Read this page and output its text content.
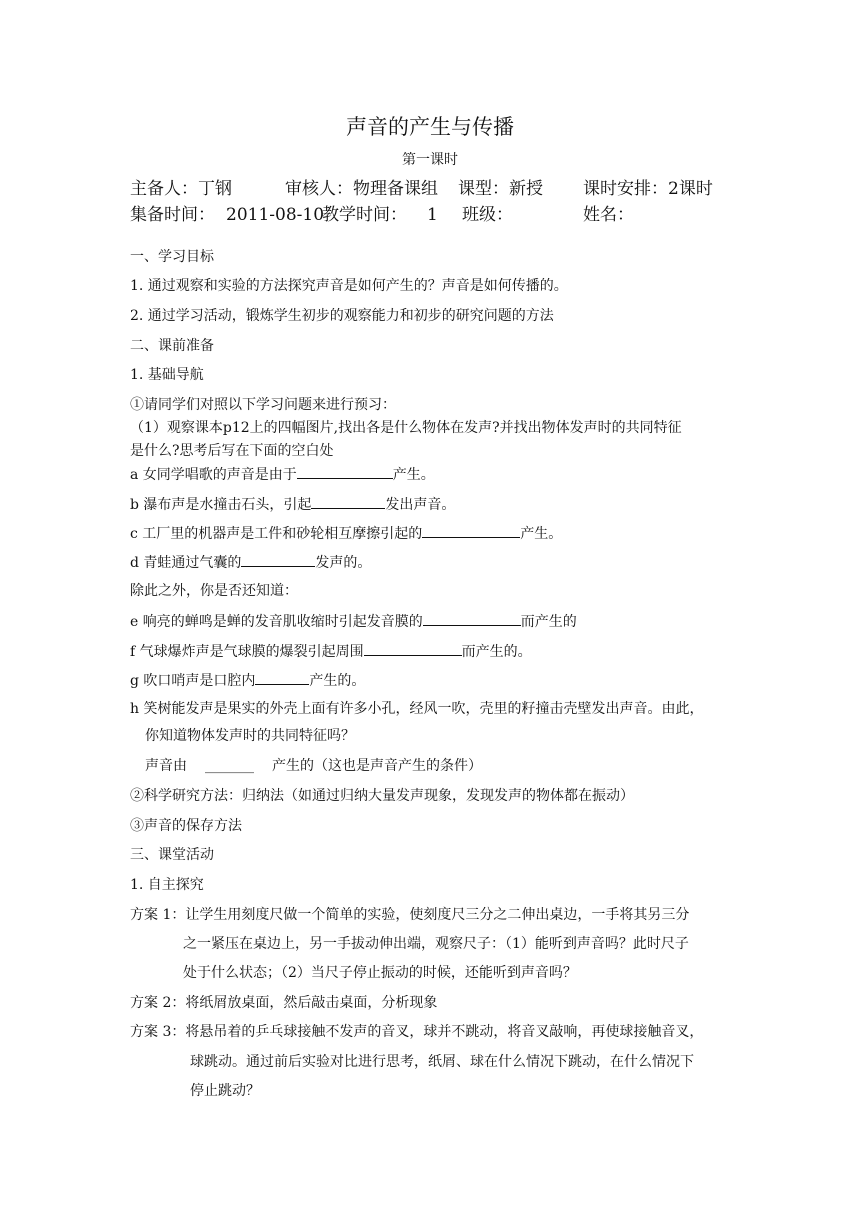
声音的产生与传播
第一课时
主备人：丁钢	审核人：物理备课组 课型：新授 课时安排：2课时
集备时间： 2011-08-10
教学时间： 1 班级：	姓名：
一、学习目标
1. 通过观察和实验的方法探究声音是如何产生的？声音是如何传播的。
2. 通过学习活动，锻炼学生初步的观察能力和初步的研究问题的方法
二、课前准备
1. 基础导航
①请同学们对照以下学习问题来进行预习：
（1）观察课本p12上的四幅图片,找出各是什么物体在发声?并找出物体发声时的共同特征
是什么?思考后写在下面的空白处
a 女同学唱歌的声音是由于	产生。
b 瀑布声是水撞击石头，引起	发出声音。
c 工厂里的机器声是工件和砂轮相互摩擦引起的	产生。
d 青蛙通过气囊的	发声的。
除此之外，你是否还知道：
e 响亮的蝉鸣是蝉的发音肌收缩时引起发音膜的	而产生的
f 气球爆炸声是气球膜的爆裂引起周围	而产生的。
g 吹口哨声是口腔内	产生的。
h 笑树能发声是果实的外壳上面有许多小孔，经风一吹，壳里的籽撞击壳壁发出声音。由此，
你知道物体发声时的共同特征吗？
声音由 _______ 产生的（这也是声音产生的条件）
②科学研究方法：归纳法（如通过归纳大量发声现象，发现发声的物体都在振动）
③声音的保存方法
三、课堂活动
1. 自主探究
方案 1：让学生用刻度尺做一个简单的实验，使刻度尺三分之二伸出桌边，一手将其另三分
之一紧压在桌边上，另一手拔动伸出端，观察尺子：（1）能听到声音吗？此时尺子
处于什么状态；（2）当尺子停止振动的时候，还能听到声音吗？
方案 2：将纸屑放桌面，然后敲击桌面，分析现象
方案 3：将悬吊着的乒乓球接触不发声的音叉，球并不跳动，将音叉敲响，再使球接触音叉，
球跳动。通过前后实验对比进行思考，纸屑、球在什么情况下跳动，在什么情况下
停止跳动？
